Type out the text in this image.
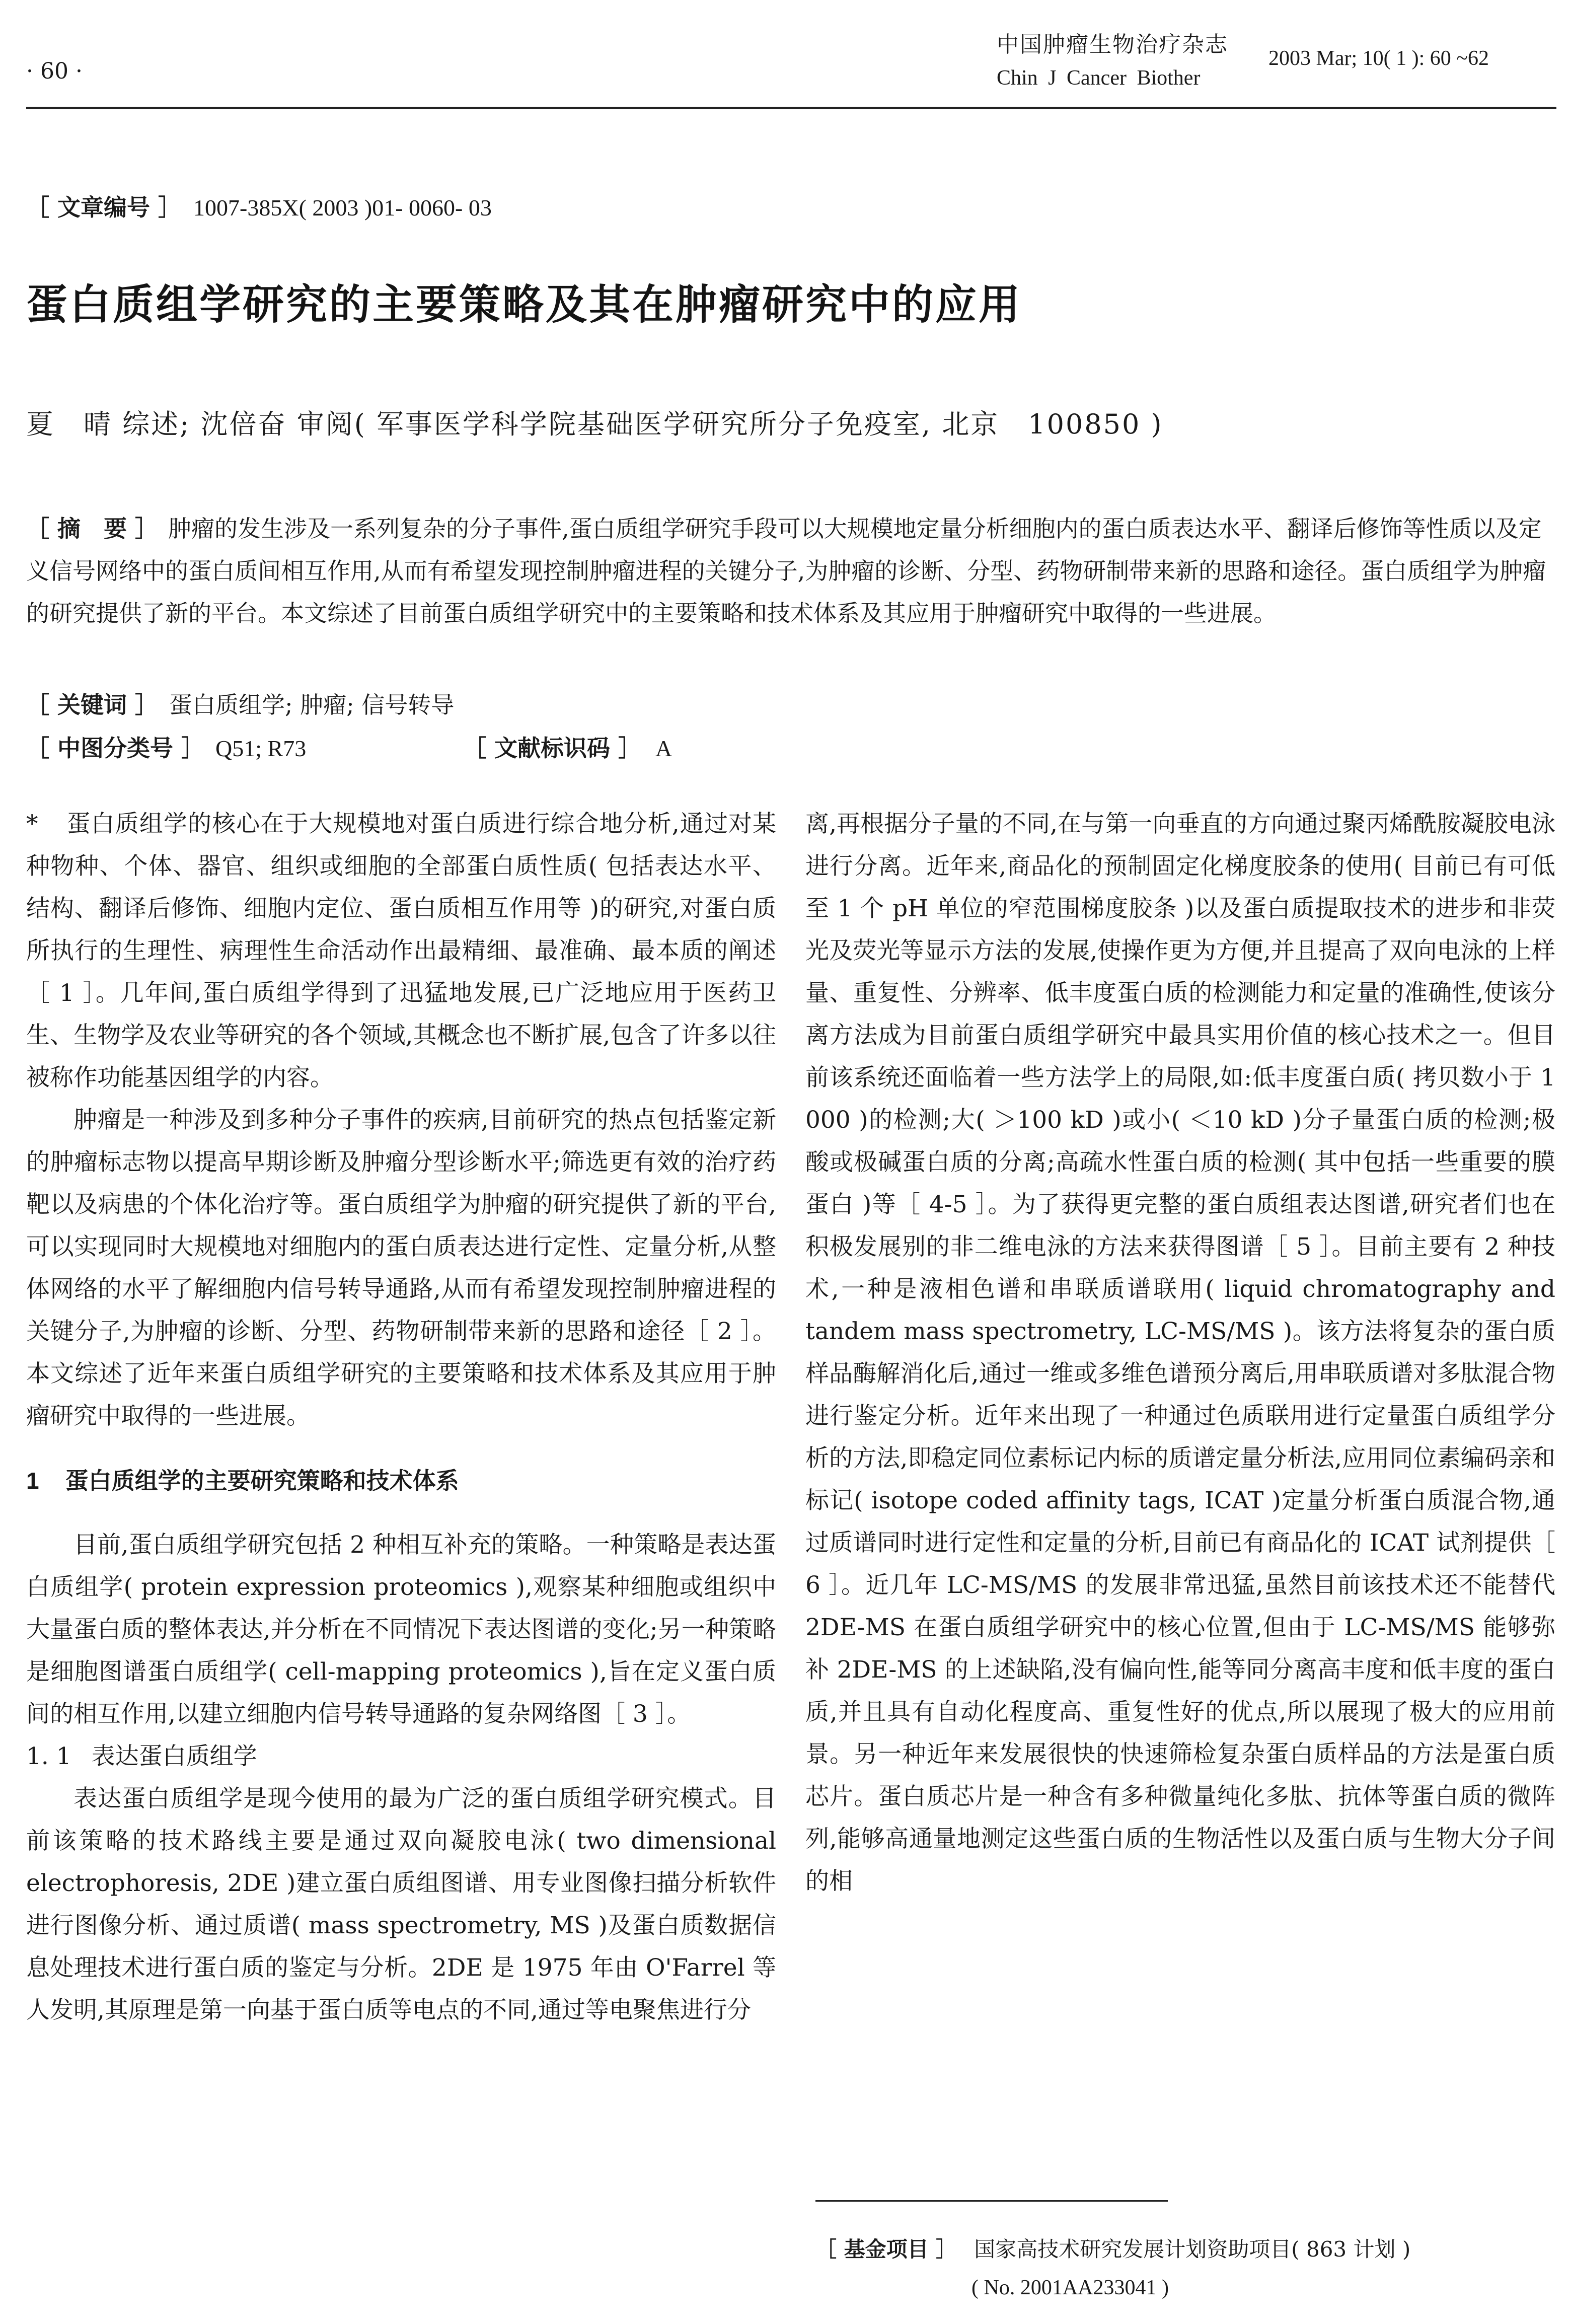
· 60 ·
中国肿瘤生物治疗杂志
Chin J Cancer Biother
2003 Mar; 10( 1 ): 60 ~62
［ 文章编号 ］ 1007-385X( 2003 )01- 0060- 03
蛋白质组学研究的主要策略及其在肿瘤研究中的应用
夏　晴 综述; 沈倍奋 审阅( 军事医学科学院基础医学研究所分子免疫室, 北京　100850 )

［ 摘　要 ］ 肿瘤的发生涉及一系列复杂的分子事件,蛋白质组学研究手段可以大规模地定量分析细胞内的蛋白质表达水平、翻译后修饰等性质以及定义信号网络中的蛋白质间相互作用,从而有希望发现控制肿瘤进程的关键分子,为肿瘤的诊断、分型、药物研制带来新的思路和途径。蛋白质组学为肿瘤的研究提供了新的平台。本文综述了目前蛋白质组学研究中的主要策略和技术体系及其应用于肿瘤研究中取得的一些进展。

［ 关键词 ］ 蛋白质组学; 肿瘤; 信号转导
［ 中图分类号 ］ Q51; R73	［ 文献标识码 ］ A

* 蛋白质组学的核心在于大规模地对蛋白质进行综合地分析,通过对某种物种、个体、器官、组织或细胞的全部蛋白质性质( 包括表达水平、结构、翻译后修饰、细胞内定位、蛋白质相互作用等 )的研究,对蛋白质所执行的生理性、病理性生命活动作出最精细、最准确、最本质的阐述［ 1 ］。几年间,蛋白质组学得到了迅猛地发展,已广泛地应用于医药卫生、生物学及农业等研究的各个领域,其概念也不断扩展,包含了许多以往被称作功能基因组学的内容。

肿瘤是一种涉及到多种分子事件的疾病,目前研究的热点包括鉴定新的肿瘤标志物以提高早期诊断及肿瘤分型诊断水平;筛选更有效的治疗药靶以及病患的个体化治疗等。蛋白质组学为肿瘤的研究提供了新的平台,可以实现同时大规模地对细胞内的蛋白质表达进行定性、定量分析,从整体网络的水平了解细胞内信号转导通路,从而有希望发现控制肿瘤进程的关键分子,为肿瘤的诊断、分型、药物研制带来新的思路和途径［ 2 ］。本文综述了近年来蛋白质组学研究的主要策略和技术体系及其应用于肿瘤研究中取得的一些进展。

1 蛋白质组学的主要研究策略和技术体系

目前,蛋白质组学研究包括 2 种相互补充的策略。一种策略是表达蛋白质组学( protein expression proteomics ),观察某种细胞或组织中大量蛋白质的整体表达,并分析在不同情况下表达图谱的变化;另一种策略是细胞图谱蛋白质组学( cell-mapping proteomics ),旨在定义蛋白质间的相互作用,以建立细胞内信号转导通路的复杂网络图［ 3 ］。

1. 1 表达蛋白质组学

表达蛋白质组学是现今使用的最为广泛的蛋白质组学研究模式。目前该策略的技术路线主要是通过双向凝胶电泳( two dimensional electrophoresis, 2DE )建立蛋白质组图谱、用专业图像扫描分析软件进行图像分析、通过质谱( mass spectrometry, MS )及蛋白质数据信息处理技术进行蛋白质的鉴定与分析。2DE 是 1975 年由 O'Farrel 等人发明,其原理是第一向基于蛋白质等电点的不同,通过等电聚焦进行分

离,再根据分子量的不同,在与第一向垂直的方向通过聚丙烯酰胺凝胶电泳进行分离。近年来,商品化的预制固定化梯度胶条的使用( 目前已有可低至 1 个 pH 单位的窄范围梯度胶条 )以及蛋白质提取技术的进步和非荧光及荧光等显示方法的发展,使操作更为方便,并且提高了双向电泳的上样量、重复性、分辨率、低丰度蛋白质的检测能力和定量的准确性,使该分离方法成为目前蛋白质组学研究中最具实用价值的核心技术之一。但目前该系统还面临着一些方法学上的局限,如:低丰度蛋白质( 拷贝数小于 1 000 )的检测;大( ＞100 kD )或小( ＜10 kD )分子量蛋白质的检测;极酸或极碱蛋白质的分离;高疏水性蛋白质的检测( 其中包括一些重要的膜蛋白 )等［ 4-5 ］。为了获得更完整的蛋白质组表达图谱,研究者们也在积极发展别的非二维电泳的方法来获得图谱［ 5 ］。目前主要有 2 种技术,一种是液相色谱和串联质谱联用( liquid chromatography and tandem mass spectrometry, LC-MS/MS )。该方法将复杂的蛋白质样品酶解消化后,通过一维或多维色谱预分离后,用串联质谱对多肽混合物进行鉴定分析。近年来出现了一种通过色质联用进行定量蛋白质组学分析的方法,即稳定同位素标记内标的质谱定量分析法,应用同位素编码亲和标记( isotope coded affinity tags, ICAT )定量分析蛋白质混合物,通过质谱同时进行定性和定量的分析,目前已有商品化的 ICAT 试剂提供［ 6 ］。近几年 LC-MS/MS 的发展非常迅猛,虽然目前该技术还不能替代 2DE-MS 在蛋白质组学研究中的核心位置,但由于 LC-MS/MS 能够弥补 2DE-MS 的上述缺陷,没有偏向性,能等同分离高丰度和低丰度的蛋白质,并且具有自动化程度高、重复性好的优点,所以展现了极大的应用前景。另一种近年来发展很快的快速筛检复杂蛋白质样品的方法是蛋白质芯片。蛋白质芯片是一种含有多种微量纯化多肽、抗体等蛋白质的微阵列,能够高通量地测定这些蛋白质的生物活性以及蛋白质与生物大分子间的相

［ 基金项目 ］ 国家高技术研究发展计划资助项目( 863 计划 )
( No. 2001AA233041 )
